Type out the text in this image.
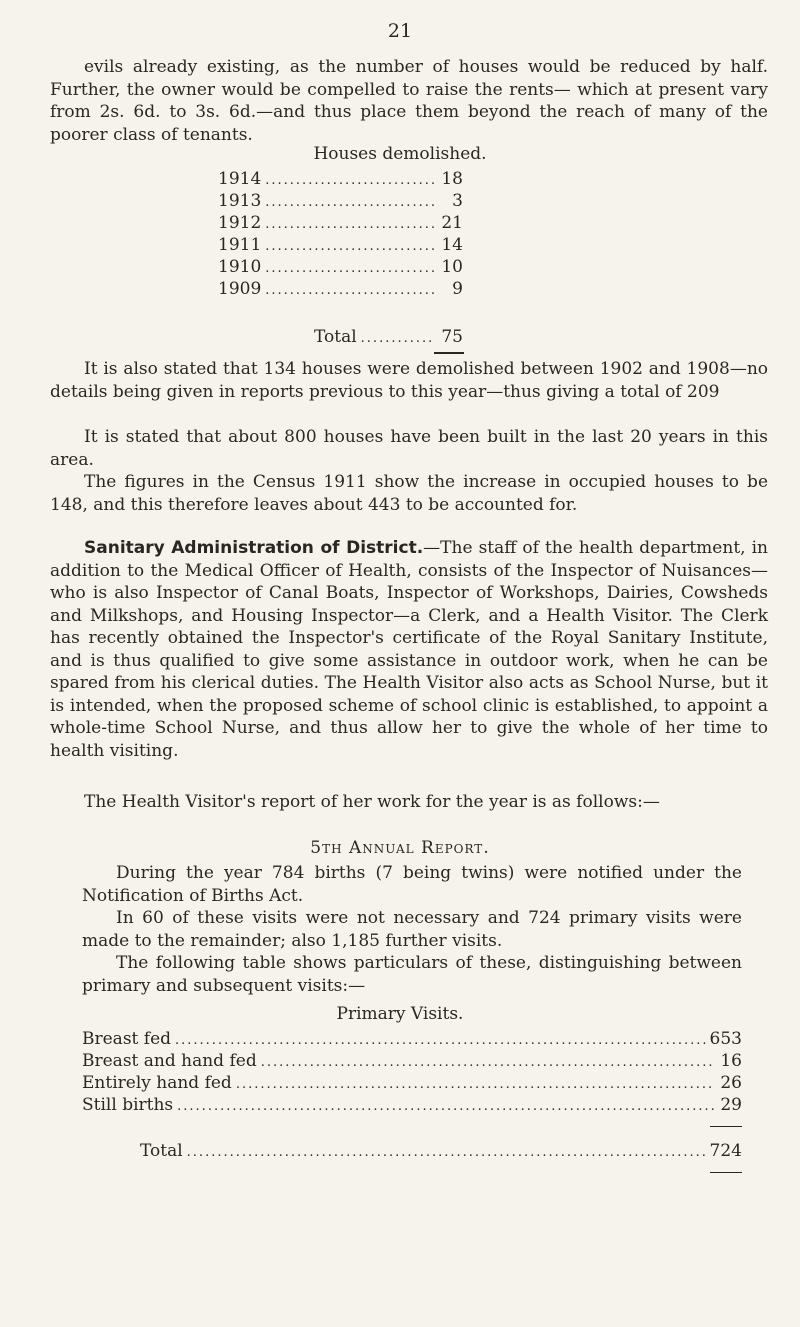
21
evils already existing, as the number of houses would be reduced by half. Further, the owner would be compelled to raise the rents— which at present vary from 2s. 6d. to 3s. 6d.—and thus place them beyond the reach of many of the poorer class of tenants.
Houses demolished.
1914 .....	18
1913 .....	3
1912 .....	21
1911 .....	14
1910 .....	10
1909 .....	9
Total .....	75
It is also stated that 134 houses were demolished between 1902 and 1908—no details being given in reports previous to this year—thus giving a total of 209
It is stated that about 800 houses have been built in the last 20 years in this area.
The figures in the Census 1911 show the increase in occupied houses to be 148, and this therefore leaves about 443 to be accounted for.
Sanitary Administration of District.—The staff of the health department, in addition to the Medical Officer of Health, consists of the Inspector of Nuisances—who is also Inspector of Canal Boats, Inspector of Workshops, Dairies, Cowsheds and Milkshops, and Housing Inspector—a Clerk, and a Health Visitor. The Clerk has recently obtained the Inspector's certificate of the Royal Sanitary Institute, and is thus qualified to give some assistance in outdoor work, when he can be spared from his clerical duties. The Health Visitor also acts as School Nurse, but it is intended, when the proposed scheme of school clinic is established, to appoint a whole-time School Nurse, and thus allow her to give the whole of her time to health visiting.
The Health Visitor's report of her work for the year is as follows:—
5th Annual Report.
During the year 784 births (7 being twins) were notified under the Notification of Births Act.
In 60 of these visits were not necessary and 724 primary visits were made to the remainder; also 1,185 further visits.
The following table shows particulars of these, distinguishing between primary and subsequent visits:—
Primary Visits.
Breast fed .....	653
Breast and hand fed .....	16
Entirely hand fed .....	26
Still births .....	29
Total .....	724
